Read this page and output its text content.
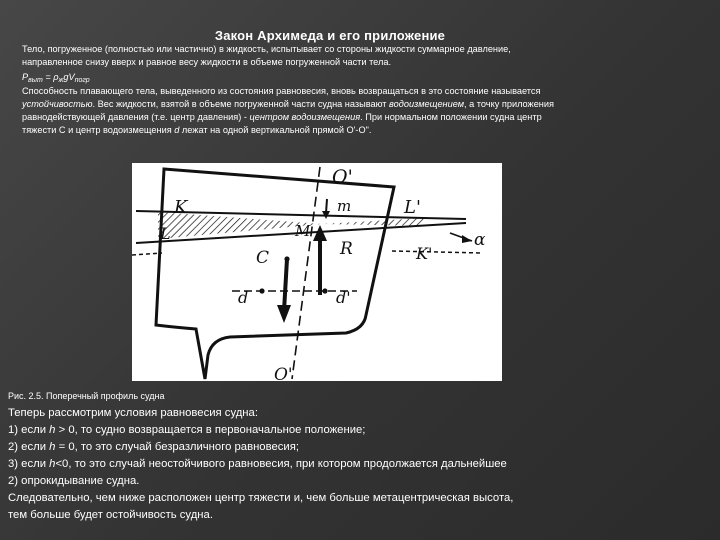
Закон Архимеда и его приложение
Тело, погруженное (полностью или частично) в жидкость, испытывает со стороны жидкости суммарное давление,
направленное снизу вверх и равное весу жидкости в объеме погруженной части тела.
$P_{выт} = \rho_жgV_{погр}$
Способность плавающего тела, выведенного из состояния равновесия, вновь возвращаться в это состояние называется
устойчивостью. Вес жидкости, взятой в объеме погруженной части судна называют водоизмещением, а точку приложения
равнодействующей давления (т.е. центр давления) - центром водоизмещения. При нормальном положении судна центр
тяжести C и центр водоизмещения d лежат на одной вертикальной прямой O'-O".
O'
O'
K	L'
L
K'
m
M
C	R
d	d'
α
Рис. 2.5. Поперечный профиль судна
Теперь рассмотрим условия равновесия судна:
1) если h > 0, то судно возвращается в первоначальное положение;
2) если h = 0, то это случай безразличного равновесия;
3) если h<0, то это случай неостойчивого равновесия, при котором продолжается дальнейшее
2) опрокидывание судна.
Следовательно, чем ниже расположен центр тяжести и, чем больше метацентрическая высота,
тем больше будет остойчивость судна.
